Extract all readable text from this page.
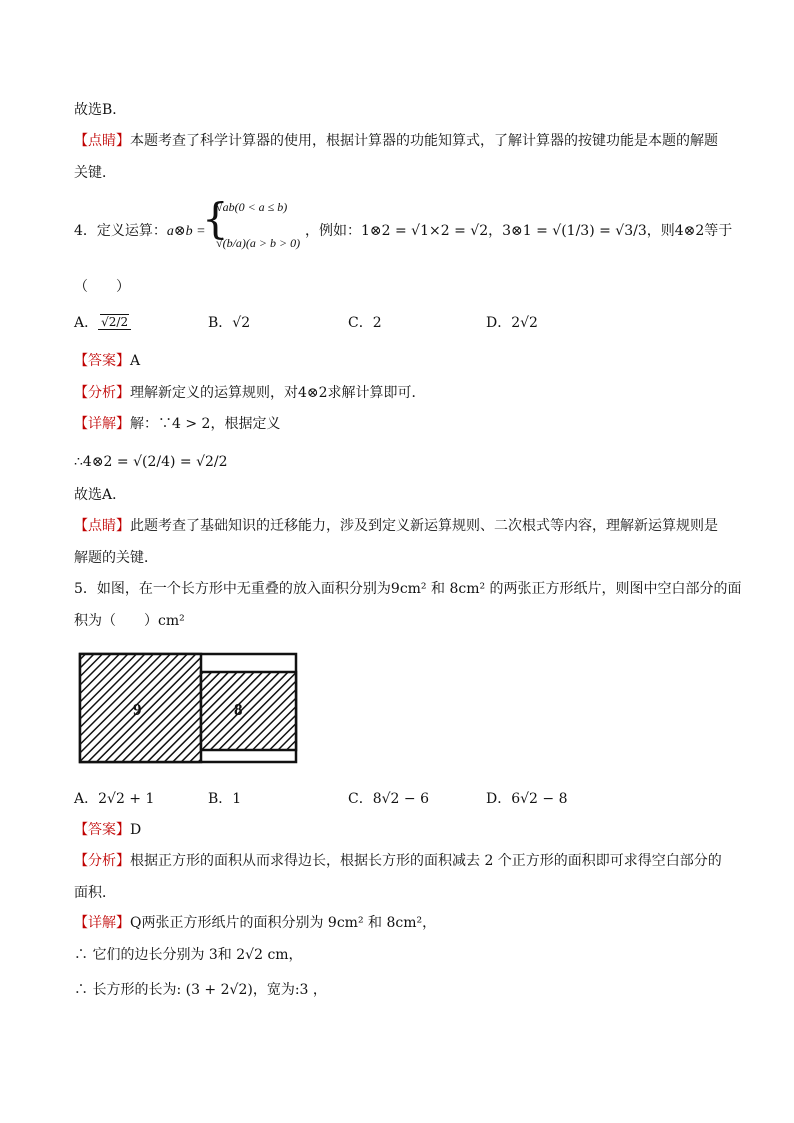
故选B．
【点睛】本题考查了科学计算器的使用，根据计算器的功能知算式，了解计算器的按键功能是本题的解题
关键．
4．定义运算：a⊗b =
{
√ab(0 < a ≤ b)
√(b/a)(a > b > 0)
，例如：1⊗2 = √1×2 = √2，3⊗1 = √(1/3) = √3/3，则4⊗2等于
（　　）
A． √2/2	B．√2	C．2	D．2√2
【答案】A
【分析】理解新定义的运算规则，对4⊗2求解计算即可．
【详解】解：∵4 > 2，根据定义
∴4⊗2 = √(2/4) = √2/2
故选A．
【点睛】此题考查了基础知识的迁移能力，涉及到定义新运算规则、二次根式等内容，理解新运算规则是
解题的关键．
5．如图，在一个长方形中无重叠的放入面积分别为9cm² 和 8cm² 的两张正方形纸片，则图中空白部分的面
积为（　　）cm²
9	8
A．2√2 + 1	B．1	C．8√2 − 6	D．6√2 − 8
【答案】D
【分析】根据正方形的面积从而求得边长，根据长方形的面积减去 2 个正方形的面积即可求得空白部分的
面积．
【详解】Q两张正方形纸片的面积分别为 9cm² 和 8cm²，
∴ 它们的边长分别为 3和 2√2 cm，
∴ 长方形的长为: (3 + 2√2)，宽为:3 ，
